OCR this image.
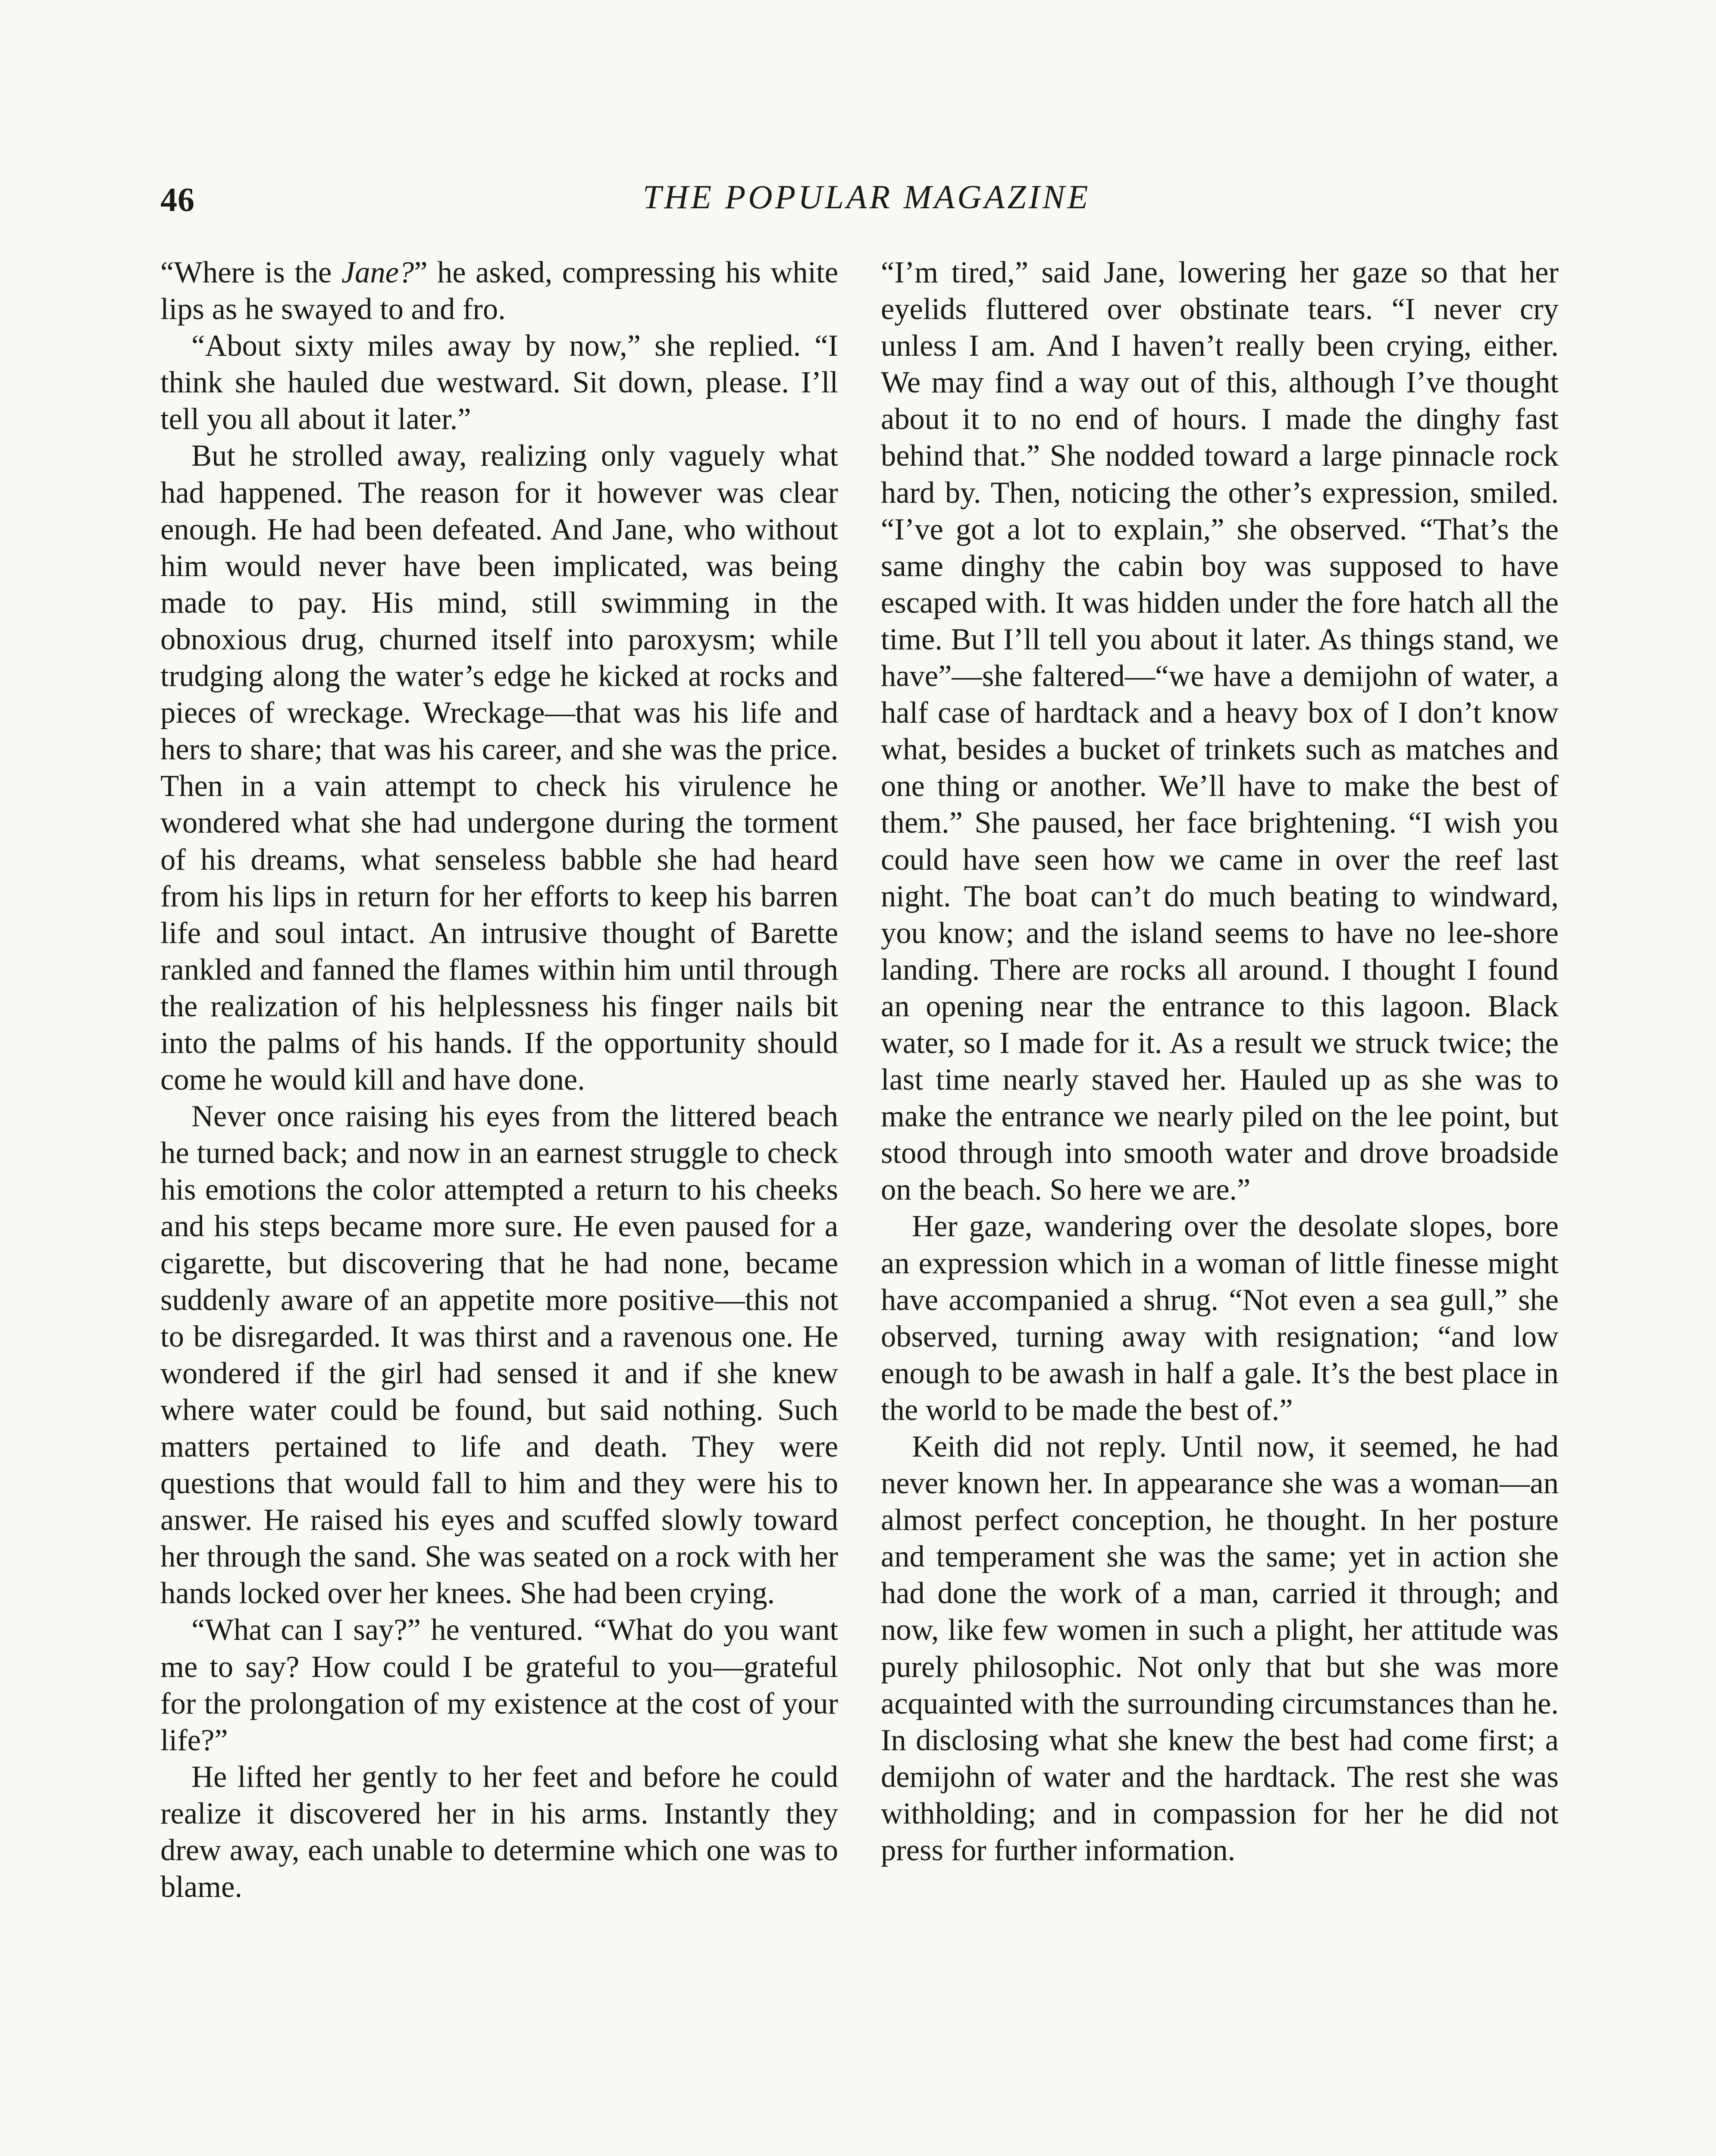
46	THE POPULAR MAGAZINE

“Where is the Jane?” he asked, compressing his white lips as he swayed to and fro.

“About sixty miles away by now,” she replied. “I think she hauled due westward. Sit down, please. I’ll tell you all about it later.”

But he strolled away, realizing only vaguely what had happened. The reason for it however was clear enough. He had been defeated. And Jane, who without him would never have been implicated, was being made to pay. His mind, still swimming in the obnoxious drug, churned itself into paroxysm; while trudging along the water’s edge he kicked at rocks and pieces of wreckage. Wreckage—that was his life and hers to share; that was his career, and she was the price. Then in a vain attempt to check his virulence he wondered what she had undergone during the torment of his dreams, what senseless babble she had heard from his lips in return for her efforts to keep his barren life and soul intact. An intrusive thought of Barette rankled and fanned the flames within him until through the realization of his helplessness his finger nails bit into the palms of his hands. If the opportunity should come he would kill and have done.

Never once raising his eyes from the littered beach he turned back; and now in an earnest struggle to check his emotions the color attempted a return to his cheeks and his steps became more sure. He even paused for a cigarette, but discovering that he had none, became suddenly aware of an appetite more positive—this not to be disregarded. It was thirst and a ravenous one. He wondered if the girl had sensed it and if she knew where water could be found, but said nothing. Such matters pertained to life and death. They were questions that would fall to him and they were his to answer. He raised his eyes and scuffed slowly toward her through the sand. She was seated on a rock with her hands locked over her knees. She had been crying.

“What can I say?” he ventured. “What do you want me to say? How could I be grateful to you—grateful for the prolongation of my existence at the cost of your life?”

He lifted her gently to her feet and before he could realize it discovered her in his arms. Instantly they drew away, each unable to determine which one was to blame.

“I’m tired,” said Jane, lowering her gaze so that her eyelids fluttered over obstinate tears. “I never cry unless I am. And I haven’t really been crying, either. We may find a way out of this, although I’ve thought about it to no end of hours. I made the dinghy fast behind that.” She nodded toward a large pinnacle rock hard by. Then, noticing the other’s expression, smiled. “I’ve got a lot to explain,” she observed. “That’s the same dinghy the cabin boy was supposed to have escaped with. It was hidden under the fore hatch all the time. But I’ll tell you about it later. As things stand, we have”—she faltered—“we have a demijohn of water, a half case of hardtack and a heavy box of I don’t know what, besides a bucket of trinkets such as matches and one thing or another. We’ll have to make the best of them.” She paused, her face brightening. “I wish you could have seen how we came in over the reef last night. The boat can’t do much beating to windward, you know; and the island seems to have no lee-shore landing. There are rocks all around. I thought I found an opening near the entrance to this lagoon. Black water, so I made for it. As a result we struck twice; the last time nearly staved her. Hauled up as she was to make the entrance we nearly piled on the lee point, but stood through into smooth water and drove broadside on the beach. So here we are.”

Her gaze, wandering over the desolate slopes, bore an expression which in a woman of little finesse might have accompanied a shrug. “Not even a sea gull,” she observed, turning away with resignation; “and low enough to be awash in half a gale. It’s the best place in the world to be made the best of.”

Keith did not reply. Until now, it seemed, he had never known her. In appearance she was a woman—an almost perfect conception, he thought. In her posture and temperament she was the same; yet in action she had done the work of a man, carried it through; and now, like few women in such a plight, her attitude was purely philosophic. Not only that but she was more acquainted with the surrounding circumstances than he. In disclosing what she knew the best had come first; a demijohn of water and the hardtack. The rest she was withholding; and in compassion for her he did not press for further information.
